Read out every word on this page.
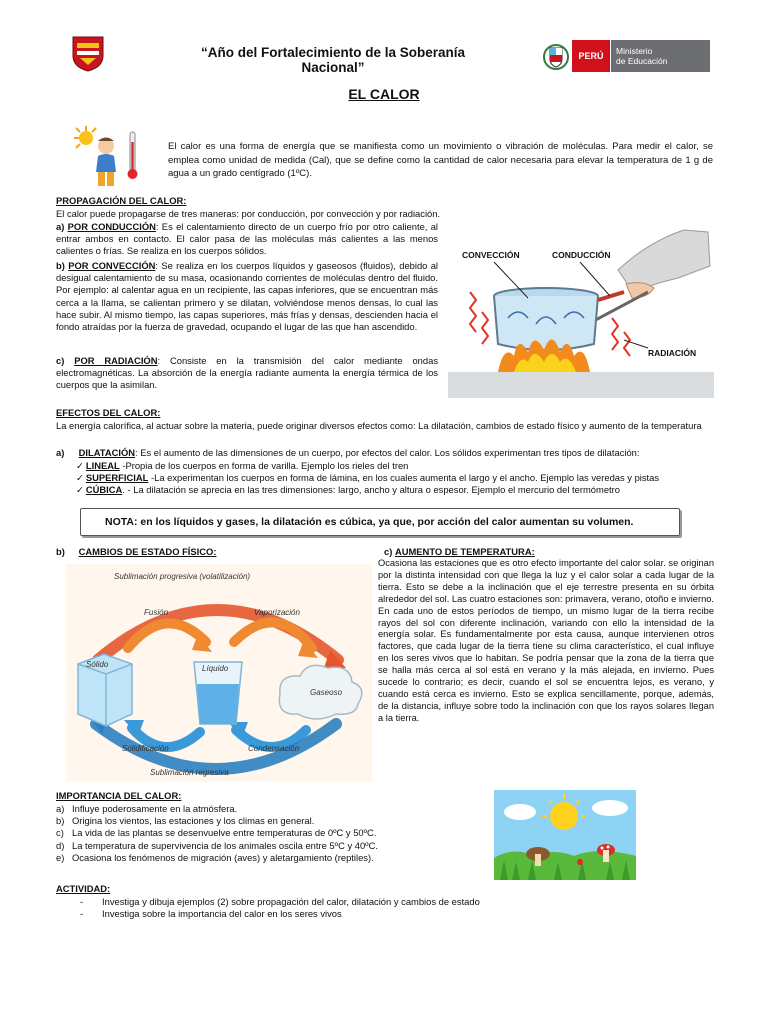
“Año del Fortalecimiento de la Soberanía Nacional”
PERÚ	Ministerio
de Educación
EL CALOR
El calor es una forma de energía que se manifiesta como un movimiento o vibración de moléculas. Para medir el calor, se emplea como unidad de medida (Cal), que se define como la cantidad de calor necesaria para elevar la temperatura de 1 g de agua a un grado centígrado (1ºC).
PROPAGACIÓN DEL CALOR:
El calor puede propagarse de tres maneras: por conducción, por convección y por radiación.
a) POR CONDUCCIÓN: Es el calentamiento directo de un cuerpo frío por otro caliente, al entrar ambos en contacto. El calor pasa de las moléculas más calientes a las menos calientes o frías. Se realiza en los cuerpos sólidos.
b) POR CONVECCIÓN: Se realiza en los cuerpos líquidos y gaseosos (fluidos), debido al desigual calentamiento de su masa, ocasionando corrientes de moléculas dentro del fluido. Por ejemplo: al calentar agua en un recipiente, las capas inferiores, que se encuentran más cerca a la llama, se calientan primero y se dilatan, volviéndose menos densas, lo cual las hace subir. Al mismo tiempo, las capas superiores, más frías y densas, descienden hacia el fondo atraídas por la fuerza de gravedad, ocupando el lugar de las que han ascendido.
c) POR RADIACIÓN: Consiste en la transmisión del calor mediante ondas electromagnéticas. La absorción de la energía radiante aumenta la energía térmica de los cuerpos que la asimilan.
CONVECCIÓN	CONDUCCIÓN
RADIACIÓN
EFECTOS DEL CALOR:
La energía calorífica, al actuar sobre la materia, puede originar diversos efectos como: La dilatación, cambios de estado físico y aumento de la temperatura
a) DILATACIÓN: Es el aumento de las dimensiones de un cuerpo, por efectos del calor. Los sólidos experimentan tres tipos de dilatación:
✓ LINEAL -Propia de los cuerpos en forma de varilla. Ejemplo los rieles del tren
✓ SUPERFICIAL -La experimentan los cuerpos en forma de lámina, en los cuales aumenta el largo y el ancho. Ejemplo las veredas y pistas
✓ CÚBICA. - La dilatación se aprecia en las tres dimensiones: largo, ancho y altura o espesor. Ejemplo el mercurio del termómetro
NOTA: en los líquidos y gases, la dilatación es cúbica, ya que, por acción del calor aumentan su volumen.
b) CAMBIOS DE ESTADO FÍSICO:
Sublimación progresiva (volatilización)
Fusión	Vaporización
Sólido	Líquido
Gaseoso
Solidificación	Condensación
Sublimación regresiva
c) AUMENTO DE TEMPERATURA:
Ocasiona las estaciones que es otro efecto importante del calor solar. se originan por la distinta intensidad con que llega la luz y el calor solar a cada lugar de la tierra. Esto se debe a la inclinación que el eje terrestre presenta en su órbita alrededor del sol. Las cuatro estaciones son: primavera, verano, otoño e invierno. En cada uno de estos períodos de tiempo, un mismo lugar de la tierra recibe rayos del sol con diferente inclinación, variando con ello la intensidad de la energía solar. Es fundamentalmente por esta causa, aunque intervienen otros factores, que cada lugar de la tierra tiene su clima característico, el cual influye en los seres vivos que lo habitan. Se podría pensar que la zona de la tierra que se halla más cerca al sol está en verano y la más alejada, en invierno. Pues sucede lo contrario; es decir, cuando el sol se encuentra lejos, es verano, y cuando está cerca es invierno. Esto se explica sencillamente, porque, además, de la distancia, influye sobre todo la inclinación con que los rayos solares llegan a la tierra.
IMPORTANCIA DEL CALOR:
a) Influye poderosamente en la atmósfera.
b) Origina los vientos, las estaciones y los climas en general.
c) La vida de las plantas se desenvuelve entre temperaturas de 0ºC y 50ºC.
d) La temperatura de supervivencia de los animales oscila entre 5ºC y 40ºC.
e) Ocasiona los fenómenos de migración (aves) y aletargamiento (reptiles).
ACTIVIDAD:
-	Investiga y dibuja ejemplos (2) sobre propagación del calor, dilatación y cambios de estado
-	Investiga sobre la importancia del calor en los seres vivos
